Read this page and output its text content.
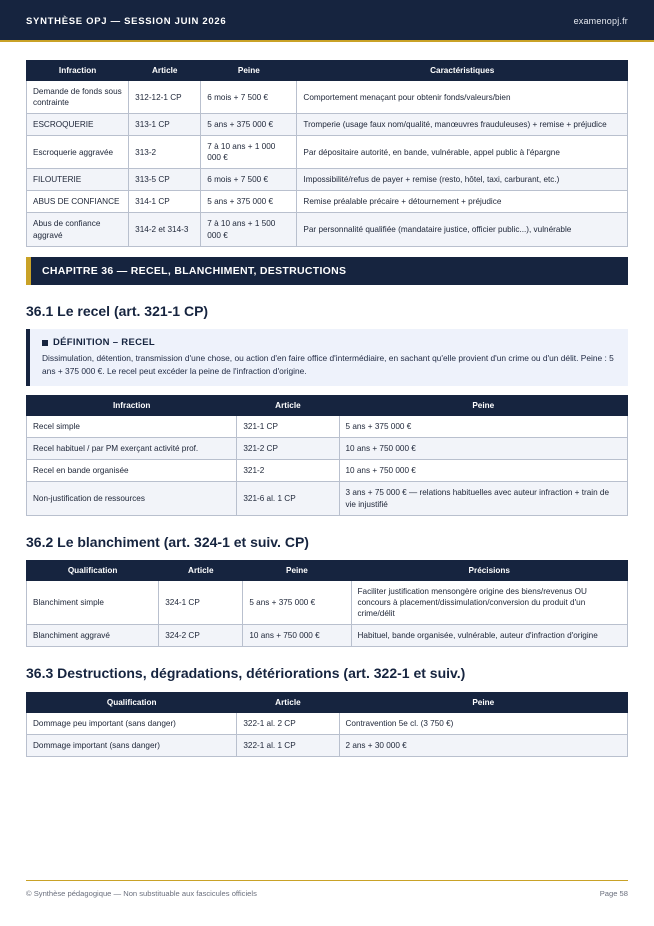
SYNTHÈSE OPJ — SESSION JUIN 2026	examenopj.fr
Infraction	Article	Peine	Caractéristiques
Demande de fonds sous contrainte	312-12-1 CP	6 mois + 7 500 €	Comportement menaçant pour obtenir fonds/valeurs/bien
ESCROQUERIE	313-1 CP	5 ans + 375 000 €	Tromperie (usage faux nom/qualité, manœuvres frauduleuses) + remise + préjudice
Escroquerie aggravée	313-2	7 à 10 ans + 1 000 000 €	Par dépositaire autorité, en bande, vulnérable, appel public à l'épargne
FILOUTERIE	313-5 CP	6 mois + 7 500 €	Impossibilité/refus de payer + remise (resto, hôtel, taxi, carburant, etc.)
ABUS DE CONFIANCE	314-1 CP	5 ans + 375 000 €	Remise préalable précaire + détournement + préjudice
Abus de confiance aggravé	314-2 et 314-3	7 à 10 ans + 1 500 000 €	Par personnalité qualifiée (mandataire justice, officier public...), vulnérable
CHAPITRE 36 — RECEL, BLANCHIMENT, DESTRUCTIONS
36.1 Le recel (art. 321-1 CP)
DÉFINITION – RECEL
Dissimulation, détention, transmission d'une chose, ou action d'en faire office d'intermédiaire, en sachant qu'elle provient d'un crime ou d'un délit. Peine : 5 ans + 375 000 €. Le recel peut excéder la peine de l'infraction d'origine.
Infraction	Article	Peine
Recel simple	321-1 CP	5 ans + 375 000 €
Recel habituel / par PM exerçant activité prof.	321-2 CP	10 ans + 750 000 €
Recel en bande organisée	321-2	10 ans + 750 000 €
Non-justification de ressources	321-6 al. 1 CP	3 ans + 75 000 € — relations habituelles avec auteur infraction + train de vie injustifié
36.2 Le blanchiment (art. 324-1 et suiv. CP)
Qualification	Article	Peine	Précisions
Blanchiment simple	324-1 CP	5 ans + 375 000 €	Faciliter justification mensongère origine des biens/revenus OU concours à placement/dissimulation/conversion du produit d'un crime/délit
Blanchiment aggravé	324-2 CP	10 ans + 750 000 €	Habituel, bande organisée, vulnérable, auteur d'infraction d'origine
36.3 Destructions, dégradations, détériorations (art. 322-1 et suiv.)
Qualification	Article	Peine
Dommage peu important (sans danger)	322-1 al. 2 CP	Contravention 5e cl. (3 750 €)
Dommage important (sans danger)	322-1 al. 1 CP	2 ans + 30 000 €
© Synthèse pédagogique — Non substituable aux fascicules officiels	Page 58
